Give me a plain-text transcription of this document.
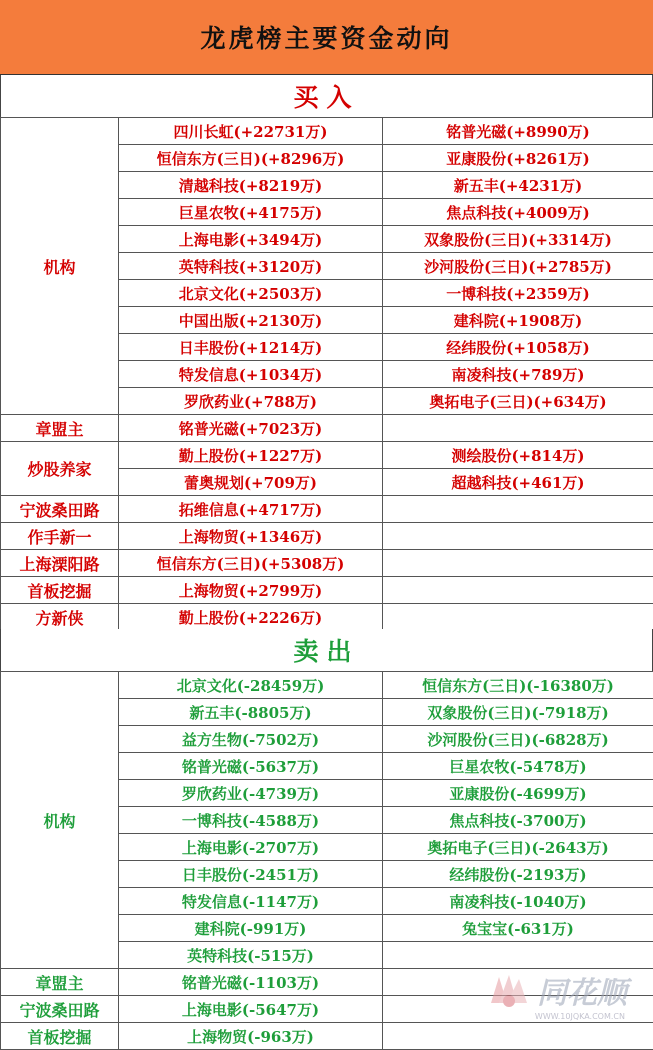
龙虎榜主要资金动向
买入
机构	四川长虹(+22731万)	铭普光磁(+8990万)
	恒信东方(三日)(+8296万)	亚康股份(+8261万)
	清越科技(+8219万)	新五丰(+4231万)
	巨星农牧(+4175万)	焦点科技(+4009万)
	上海电影(+3494万)	双象股份(三日)(+3314万)
	英特科技(+3120万)	沙河股份(三日)(+2785万)
	北京文化(+2503万)	一博科技(+2359万)
	中国出版(+2130万)	建科院(+1908万)
	日丰股份(+1214万)	经纬股份(+1058万)
	特发信息(+1034万)	南凌科技(+789万)
	罗欣药业(+788万)	奥拓电子(三日)(+634万)
章盟主	铭普光磁(+7023万)	
炒股养家	勤上股份(+1227万)	测绘股份(+814万)
	蕾奥规划(+709万)	超越科技(+461万)
宁波桑田路	拓维信息(+4717万)	
作手新一	上海物贸(+1346万)	
上海溧阳路	恒信东方(三日)(+5308万)	
首板挖掘	上海物贸(+2799万)	
方新侠	勤上股份(+2226万)	
卖出
机构	北京文化(-28459万)	恒信东方(三日)(-16380万)
	新五丰(-8805万)	双象股份(三日)(-7918万)
	益方生物(-7502万)	沙河股份(三日)(-6828万)
	铭普光磁(-5637万)	巨星农牧(-5478万)
	罗欣药业(-4739万)	亚康股份(-4699万)
	一博科技(-4588万)	焦点科技(-3700万)
	上海电影(-2707万)	奥拓电子(三日)(-2643万)
	日丰股份(-2451万)	经纬股份(-2193万)
	特发信息(-1147万)	南凌科技(-1040万)
	建科院(-991万)	兔宝宝(-631万)
	英特科技(-515万)	
章盟主	铭普光磁(-1103万)	
宁波桑田路	上海电影(-5647万)	
首板挖掘	上海物贸(-963万)	
同花顺
WWW.10JQKA.COM.CN
